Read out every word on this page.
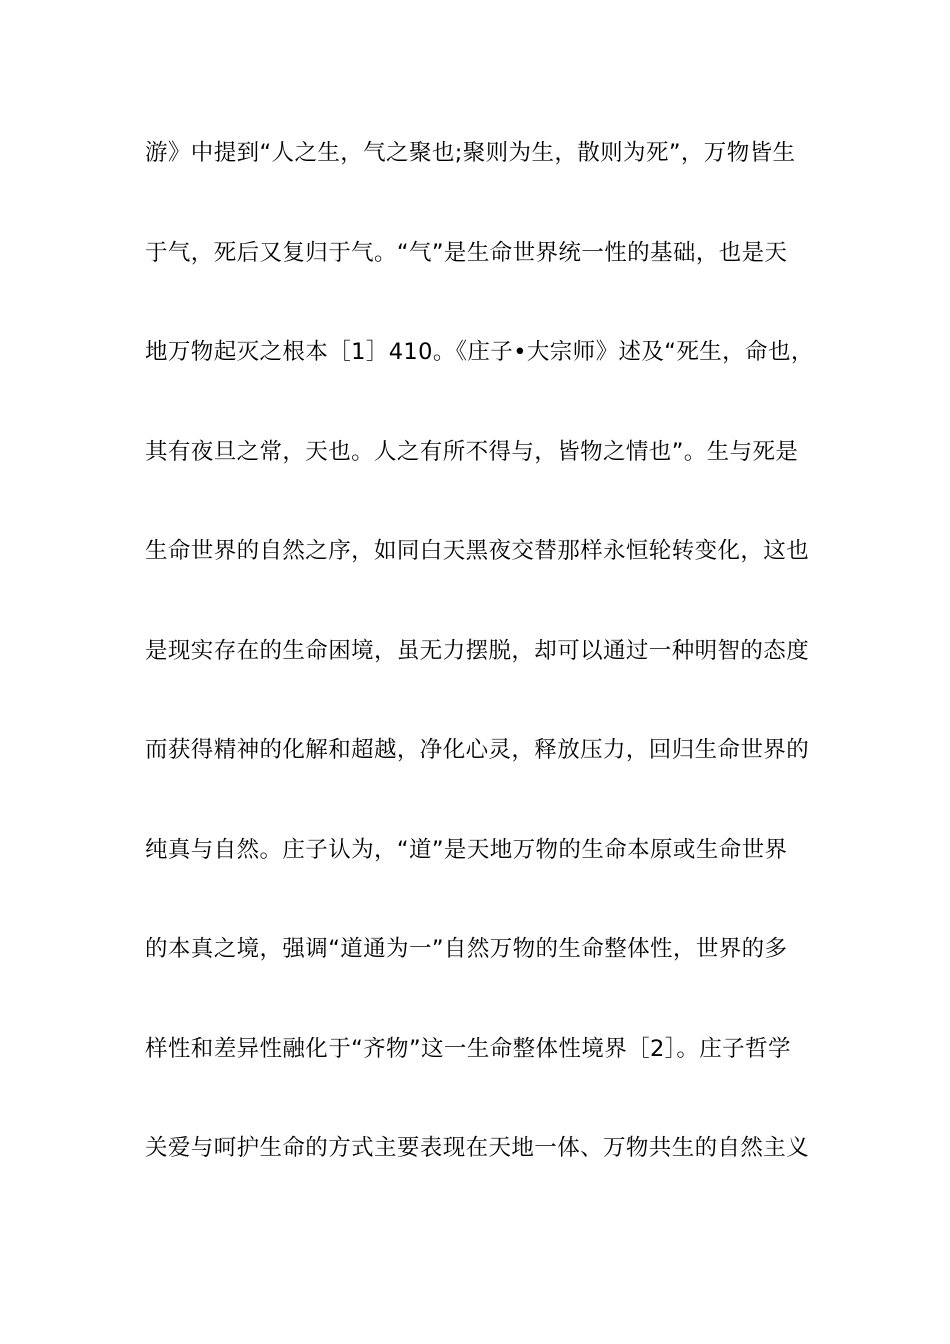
游》中提到“人之生，气之聚也;聚则为生，散则为死”，万物皆生
于气，死后又复归于气。“气”是生命世界统一性的基础，也是天
地万物起灭之根本［1］410。《庄子•大宗师》述及“死生，命也，
其有夜旦之常，天也。人之有所不得与，皆物之情也”。生与死是
生命世界的自然之序，如同白天黑夜交替那样永恒轮转变化，这也
是现实存在的生命困境，虽无力摆脱，却可以通过一种明智的态度
而获得精神的化解和超越，净化心灵，释放压力，回归生命世界的
纯真与自然。庄子认为，“道”是天地万物的生命本原或生命世界
的本真之境，强调“道通为一”自然万物的生命整体性，世界的多
样性和差异性融化于“齐物”这一生命整体性境界［2］。庄子哲学
关爱与呵护生命的方式主要表现在天地一体、万物共生的自然主义
